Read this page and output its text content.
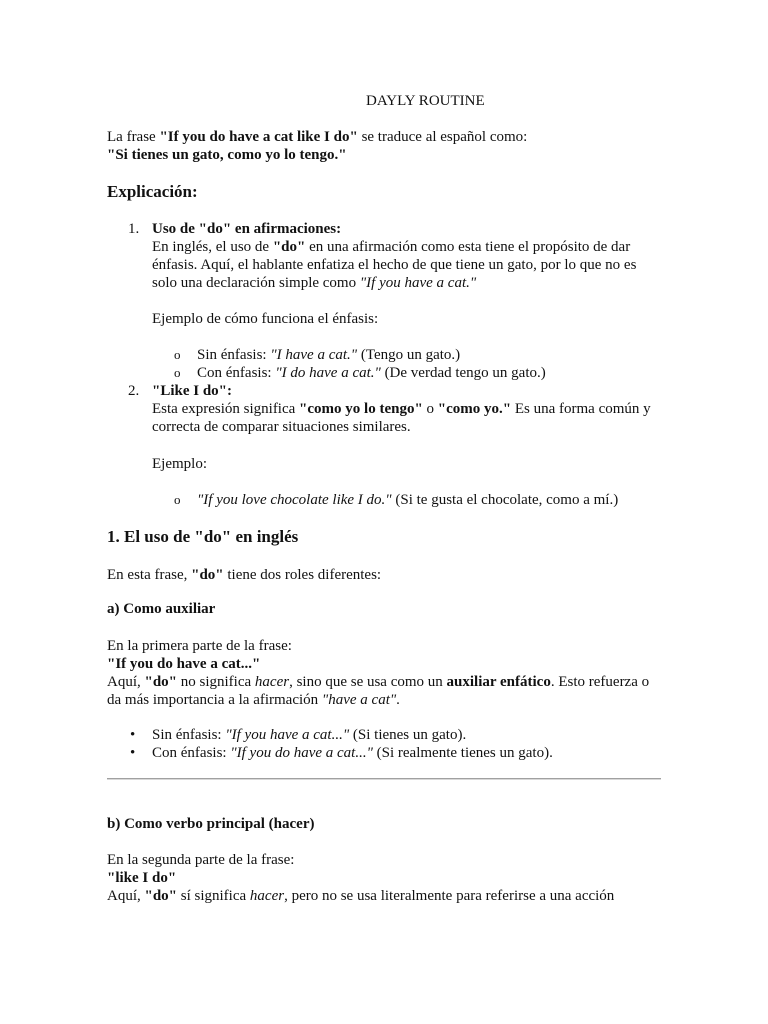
DAYLY ROUTINE
La frase "If you do have a cat like I do" se traduce al español como:
"Si tienes un gato, como yo lo tengo."
Explicación:
1. Uso de "do" en afirmaciones:
En inglés, el uso de "do" en una afirmación como esta tiene el propósito de dar
énfasis. Aquí, el hablante enfatiza el hecho de que tiene un gato, por lo que no es
solo una declaración simple como "If you have a cat."
Ejemplo de cómo funciona el énfasis:
o Sin énfasis: "I have a cat." (Tengo un gato.)
o Con énfasis: "I do have a cat." (De verdad tengo un gato.)
2. "Like I do":
Esta expresión significa "como yo lo tengo" o "como yo." Es una forma común y
correcta de comparar situaciones similares.
Ejemplo:
o "If you love chocolate like I do." (Si te gusta el chocolate, como a mí.)
1. El uso de "do" en inglés
En esta frase, "do" tiene dos roles diferentes:
a) Como auxiliar
En la primera parte de la frase:
"If you do have a cat..."
Aquí, "do" no significa hacer, sino que se usa como un auxiliar enfático. Esto refuerza o
da más importancia a la afirmación "have a cat".
• Sin énfasis: "If you have a cat..." (Si tienes un gato).
• Con énfasis: "If you do have a cat..." (Si realmente tienes un gato).
b) Como verbo principal (hacer)
En la segunda parte de la frase:
"like I do"
Aquí, "do" sí significa hacer, pero no se usa literalmente para referirse a una acción
